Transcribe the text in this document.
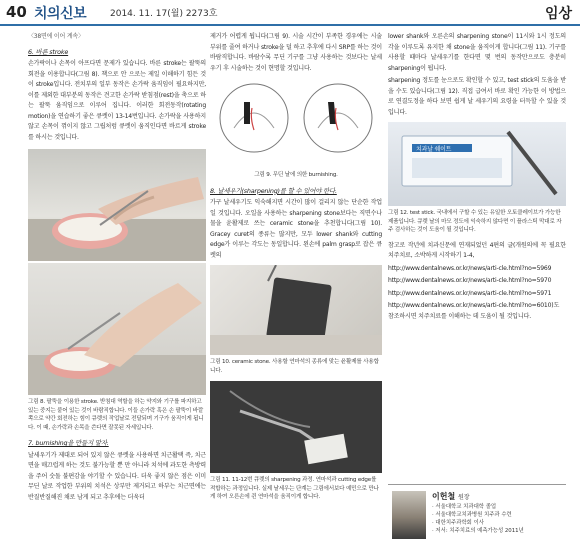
40 치의신보	2014. 11. 17(월) 2273호	임상
〈38면에 이어 계속〉
6. 바른 stroke
손가락이나 손목이 아프다면 문제가 있습니다. 바른 stroke는 팔뚝의 회전을 이용합니다(그림 8). 책으로 안 으로는 제일 이해하기 힘든 것이 stroke입니다. 전치부의 일부 동작은 손가락 움직임이 필요하지만, 이를 제외한 대부분의 동작은 견고한 손가락 받침점(rest)을 축으로 하는 팔뚝 움직임으로 이루어 집니다. 이러한 회전동작(rotating motion)을 연습하기 좋은 큐렛이 13-14번입니다. 손가락을 사용하지 않고 손목이 꺾이지 않고 그립처럼 큐렛이 움직인다면 바르게 stroke를 하시는 것입니다.
그림 8. 팔뚝을 이용한 stroke. 받침대 역할을 하는 약지와 기구를 파지하고 있는 중지는 붙어 있는 것이 바람직합니다. 이들 손가락 혹은 손 팔뚝이 바깥쪽으로 약간 회전하는 힘이 큐렛의 작업날로 전달되며 기구가 움직이게 됩니다. 이 때, 손가락과 손목을 쓴다면 잘못된 자세입니다.
7. burnishing을 만들지 말자.
날세우기가 제대로 되어 있지 않은 큐렛을 사용하면 치근활택 즉, 치근면을 매끄럽게 하는 것도 불가능할 뿐 만 아니라 치석에 과도한 측방력을 주어 숫돌 불편감을 야기할 수 있습니다. 더욱 좋지 않은 점은 이미 무딘 날로 작업한 부위의 치석은 상부만 제거되고 하부는 치근면에는 반질반질해진 채로 남게 되고 추후에는 더욱더
제거가 어렵게 됩니다(그림 9). 시술 시간이 부족한 경우에는 시술 부위를 줄여 하거나 stroke을 덜 하고 추후에 다시 SRP를 하는 것이 바람직합니다. 바람수록 무딘 기구를 그냥 사용하는 것보다는 날세우기 후 시술하는 것이 현명할 것입니다.
그림 9. 무딘 날에 의한 burnishing.
8. 날세우기(sharpening)를 할 수 있어야 한다.
가구 날세우기도 익숙해지면 시간이 많이 걸리지 않는 단순한 작업일 것입니다. 오일을 사용하는 sharpening stone보다는 직면수나 물을 윤활제로 쓰는 ceramic stone을 추천합니다(그림 10). Gracey curet의 종류는 많지만, 모두 lower shank와 cutting edge가 이루는 각도는 동일합니다. 왼손에 palm grasp로 잡은 큐렛의
그림 10. ceramic stone. 사용할 연마석의 종류에 맞는 윤활제를 사용합니다.
그림 11. 11-12번 큐렛의 sharpening 과정. 연마석과 cutting edge를 적합하는 과정입니다. 실제 날세우는 단계는 그림에서보다 예민으로 만나게 하여 오른손에 쥔 연마석을 움직이게 합니다.
lower shank와 오른손의 sharpening stone이 11시와 1시 정도의 각을 이루도록 유지한 채 stone을 움직이게 합니다(그림 11). 기구를 사용할 때마다 날세우기를 한다면 몇 번의 동작만으로도 충분히 sharpening이 됩니다.
sharpening 정도를 눈으로도 확인할 수 있고, test stick의 도움을 받을 수도 있습니다(그림 12). 직접 급여서 바로 확인 가능한 이 방법으로 연결도정을 하다 보면 쉽게 날 세우기의 요령을 터득할 수 있을 것입니다.
치과날 쉐이트
그림 12. test stick. 국내에서 구할 수 있는 유일한 오토클레이브가 가능한 제품입니다. 큐렛 날의 마모 정도에 익숙하지 않다면 이 플라스틱 막대로 자주 검사하는 것이 도움이 될 것입니다.
참고로 작년에 치과신문에 연재되었던 4편의 글(개원의에 꼭 필요한 치주치료, 소박하게 시작하기 1-4,
http://www.dentalnews.or.kr/news/arti-cle.html?no=5969
http://www.dentalnews.or.kr/news/arti-cle.html?no=5970
http://www.dentalnews.or.kr/news/arti-cle.html?no=5971
http://www.dentalnews.or.kr/news/arti-cle.html?no=6010)도 참조하시면 치주치료를 이해하는 데 도움이 될 것입니다.
이헌철 원장
· 서울대학교 치과대학 졸업
· 서울대학교치과병원 치주과 수련
· 대한치주과학회 이사
· 저서: 치주치료의 예측가능성 2011년
